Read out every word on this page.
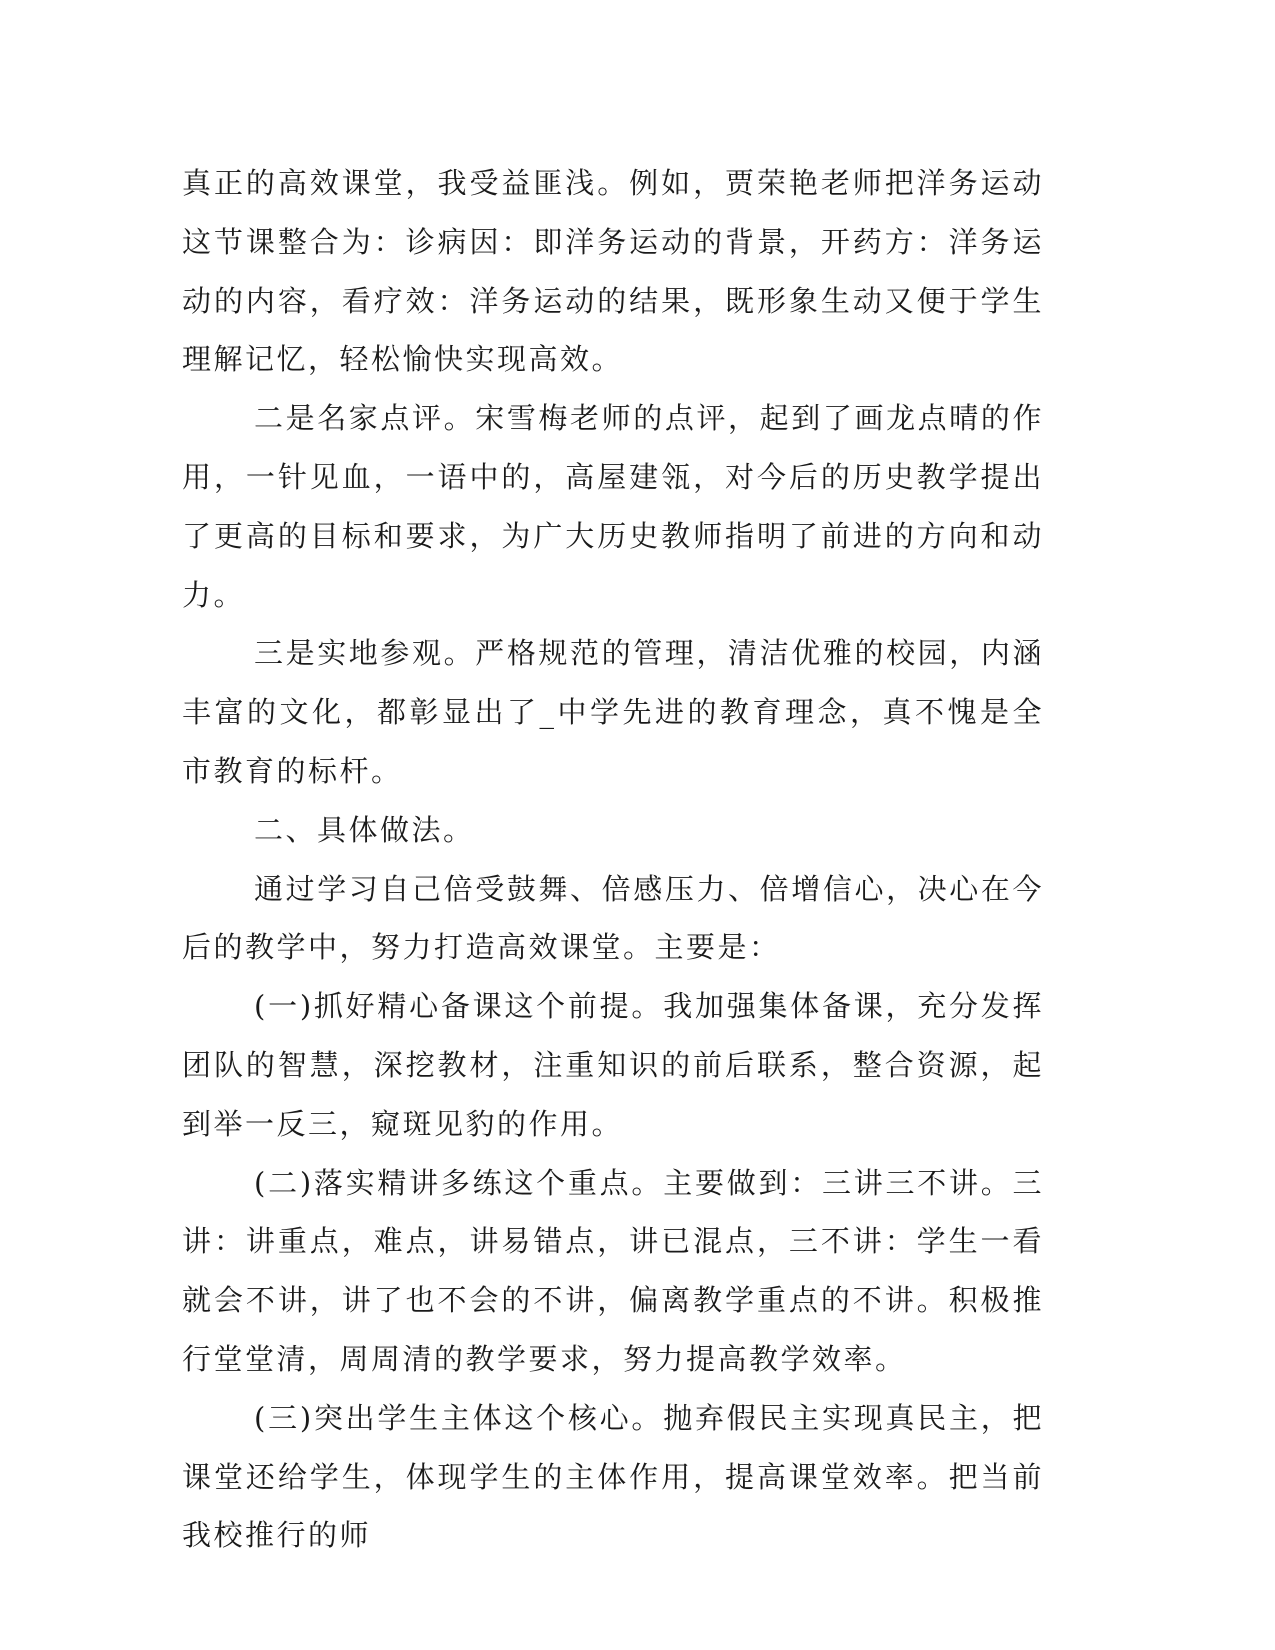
真正的高效课堂，我受益匪浅。例如，贾荣艳老师把洋务运动这节课整合为：诊病因：即洋务运动的背景，开药方：洋务运动的内容，看疗效：洋务运动的结果，既形象生动又便于学生理解记忆，轻松愉快实现高效。

二是名家点评。宋雪梅老师的点评，起到了画龙点晴的作用，一针见血，一语中的，高屋建瓴，对今后的历史教学提出了更高的目标和要求，为广大历史教师指明了前进的方向和动力。

三是实地参观。严格规范的管理，清洁优雅的校园，内涵丰富的文化，都彰显出了_中学先进的教育理念，真不愧是全市教育的标杆。

二、具体做法。

通过学习自己倍受鼓舞、倍感压力、倍增信心，决心在今后的教学中，努力打造高效课堂。主要是：

(一)抓好精心备课这个前提。我加强集体备课，充分发挥团队的智慧，深挖教材，注重知识的前后联系，整合资源，起到举一反三，窥斑见豹的作用。

(二)落实精讲多练这个重点。主要做到：三讲三不讲。三讲：讲重点，难点，讲易错点，讲已混点，三不讲：学生一看就会不讲，讲了也不会的不讲，偏离教学重点的不讲。积极推行堂堂清，周周清的教学要求，努力提高教学效率。

(三)突出学生主体这个核心。抛弃假民主实现真民主，把课堂还给学生，体现学生的主体作用，提高课堂效率。把当前我校推行的师
